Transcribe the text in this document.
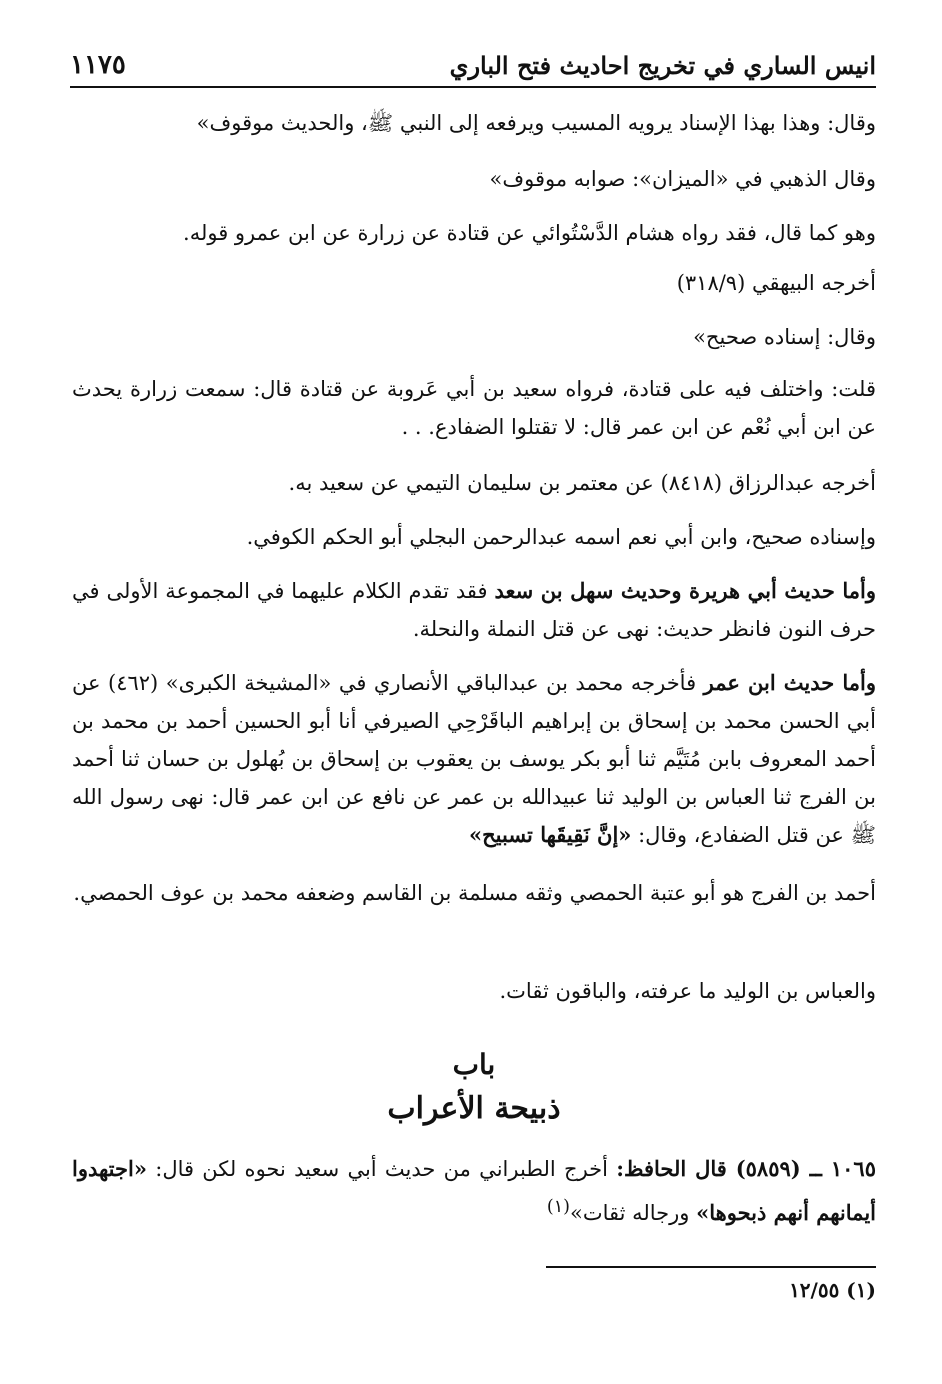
انيس الساري في تخريج احاديث فتح الباري
١١٧٥

وقال: وهذا بهذا الإسناد يرويه المسيب ويرفعه إلى النبي ﷺ، والحديث موقوف»

وقال الذهبي في «الميزان»: صوابه موقوف»

وهو كما قال، فقد رواه هشام الدَّسْتُوائي عن قتادة عن زرارة عن ابن عمرو قوله.

أخرجه البيهقي (٣١٨/٩)

وقال: إسناده صحيح»

قلت: واختلف فيه على قتادة، فرواه سعيد بن أبي عَروبة عن قتادة قال: سمعت زرارة يحدث عن ابن أبي نُعْم عن ابن عمر قال: لا تقتلوا الضفادع. . .

أخرجه عبدالرزاق (٨٤١٨) عن معتمر بن سليمان التيمي عن سعيد به.

وإسناده صحيح، وابن أبي نعم اسمه عبدالرحمن البجلي أبو الحكم الكوفي.

وأما حديث أبي هريرة وحديث سهل بن سعد فقد تقدم الكلام عليهما في المجموعة الأولى في حرف النون فانظر حديث: نهى عن قتل النملة والنحلة.

وأما حديث ابن عمر فأخرجه محمد بن عبدالباقي الأنصاري في «المشيخة الكبرى» (٤٦٢) عن أبي الحسن محمد بن إسحاق بن إبراهيم الباقَرْحِي الصيرفي أنا أبو الحسين أحمد بن محمد بن أحمد المعروف بابن مُتَيَّم ثنا أبو بكر يوسف بن يعقوب بن إسحاق بن بُهلول بن حسان ثنا أحمد بن الفرج ثنا العباس بن الوليد ثنا عبيدالله بن عمر عن نافع عن ابن عمر قال: نهى رسول الله ﷺ عن قتل الضفادع، وقال: «إنَّ نَقِيقَها تسبيح»

أحمد بن الفرج هو أبو عتبة الحمصي وثقه مسلمة بن القاسم وضعفه محمد بن عوف الحمصي.

والعباس بن الوليد ما عرفته، والباقون ثقات.

باب
ذبيحة الأعراب

١٠٦٥ ــ (٥٨٥٩) قال الحافظ: أخرج الطبراني من حديث أبي سعيد نحوه لكن قال: «اجتهدوا أيمانهم أنهم ذبحوها» ورجاله ثقات»$^{(١)}$

(١) ١٢/٥٥
